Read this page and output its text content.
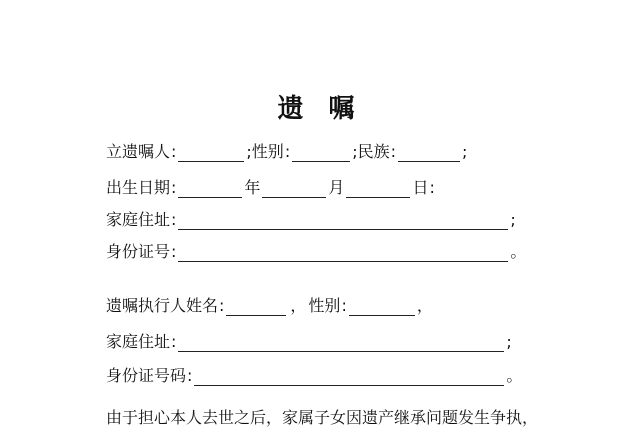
遗 嘱
立遗嘱人 :	; 性别 :	; 民族 :	;
出生日期 :	年	月	日 :
家庭住址 :	;
身份证号 :	。
遗嘱执行人姓名 :	， 性别 :	，
家庭住址 :	;
身份证号码 :	。
由于担心本人去世之后，家属子女因遗产继承问题发生争执，
